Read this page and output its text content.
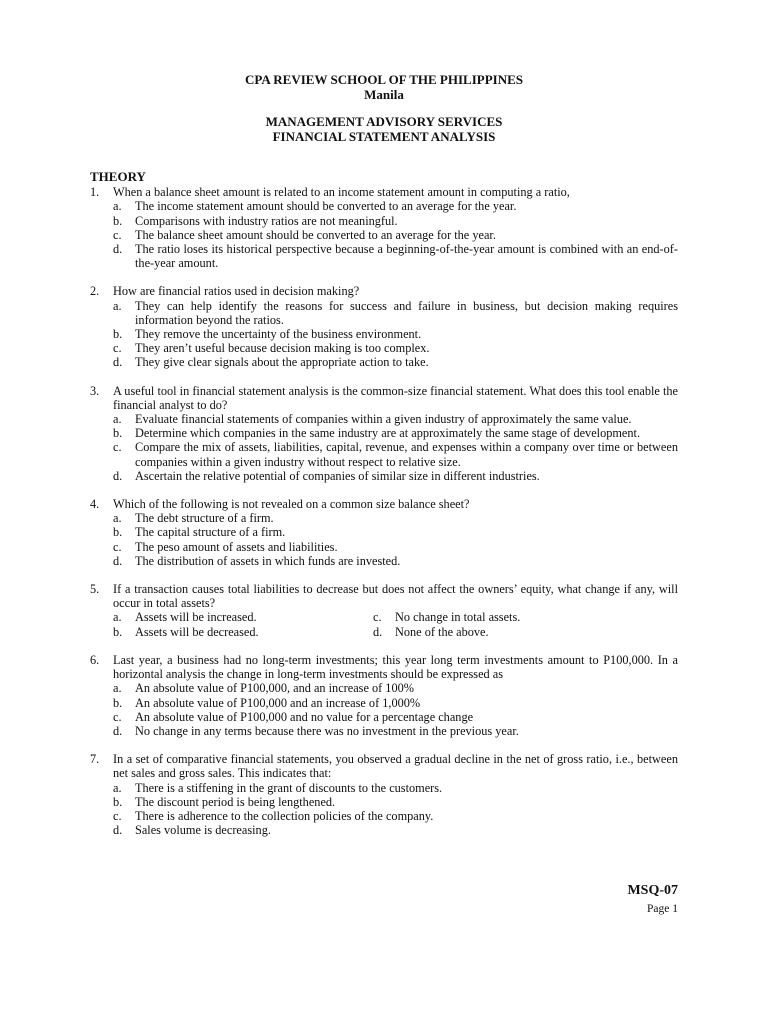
CPA REVIEW SCHOOL OF THE PHILIPPINES
Manila
MANAGEMENT ADVISORY SERVICES
FINANCIAL STATEMENT ANALYSIS
THEORY
1.	When a balance sheet amount is related to an income statement amount in computing a ratio,
a.	The income statement amount should be converted to an average for the year.
b.	Comparisons with industry ratios are not meaningful.
c.	The balance sheet amount should be converted to an average for the year.
d.	The ratio loses its historical perspective because a beginning-of-the-year amount is combined with an end-of-the-year amount.
2.	How are financial ratios used in decision making?
a.	They can help identify the reasons for success and failure in business, but decision making requires information beyond the ratios.
b.	They remove the uncertainty of the business environment.
c.	They aren’t useful because decision making is too complex.
d.	They give clear signals about the appropriate action to take.
3.	A useful tool in financial statement analysis is the common-size financial statement. What does this tool enable the financial analyst to do?
a.	Evaluate financial statements of companies within a given industry of approximately the same value.
b.	Determine which companies in the same industry are at approximately the same stage of development.
c.	Compare the mix of assets, liabilities, capital, revenue, and expenses within a company over time or between companies within a given industry without respect to relative size.
d.	Ascertain the relative potential of companies of similar size in different industries.
4.	Which of the following is not revealed on a common size balance sheet?
a.	The debt structure of a firm.
b.	The capital structure of a firm.
c.	The peso amount of assets and liabilities.
d.	The distribution of assets in which funds are invested.
5.	If a transaction causes total liabilities to decrease but does not affect the owners’ equity, what change if any, will occur in total assets?
a.	Assets will be increased.	c.	No change in total assets.
b.	Assets will be decreased.	d.	None of the above.
6.	Last year, a business had no long-term investments; this year long term investments amount to P100,000. In a horizontal analysis the change in long-term investments should be expressed as
a.	An absolute value of P100,000, and an increase of 100%
b.	An absolute value of P100,000 and an increase of 1,000%
c.	An absolute value of P100,000 and no value for a percentage change
d.	No change in any terms because there was no investment in the previous year.
7.	In a set of comparative financial statements, you observed a gradual decline in the net of gross ratio, i.e., between net sales and gross sales. This indicates that:
a.	There is a stiffening in the grant of discounts to the customers.
b.	The discount period is being lengthened.
c.	There is adherence to the collection policies of the company.
d.	Sales volume is decreasing.
MSQ-07
Page 1
